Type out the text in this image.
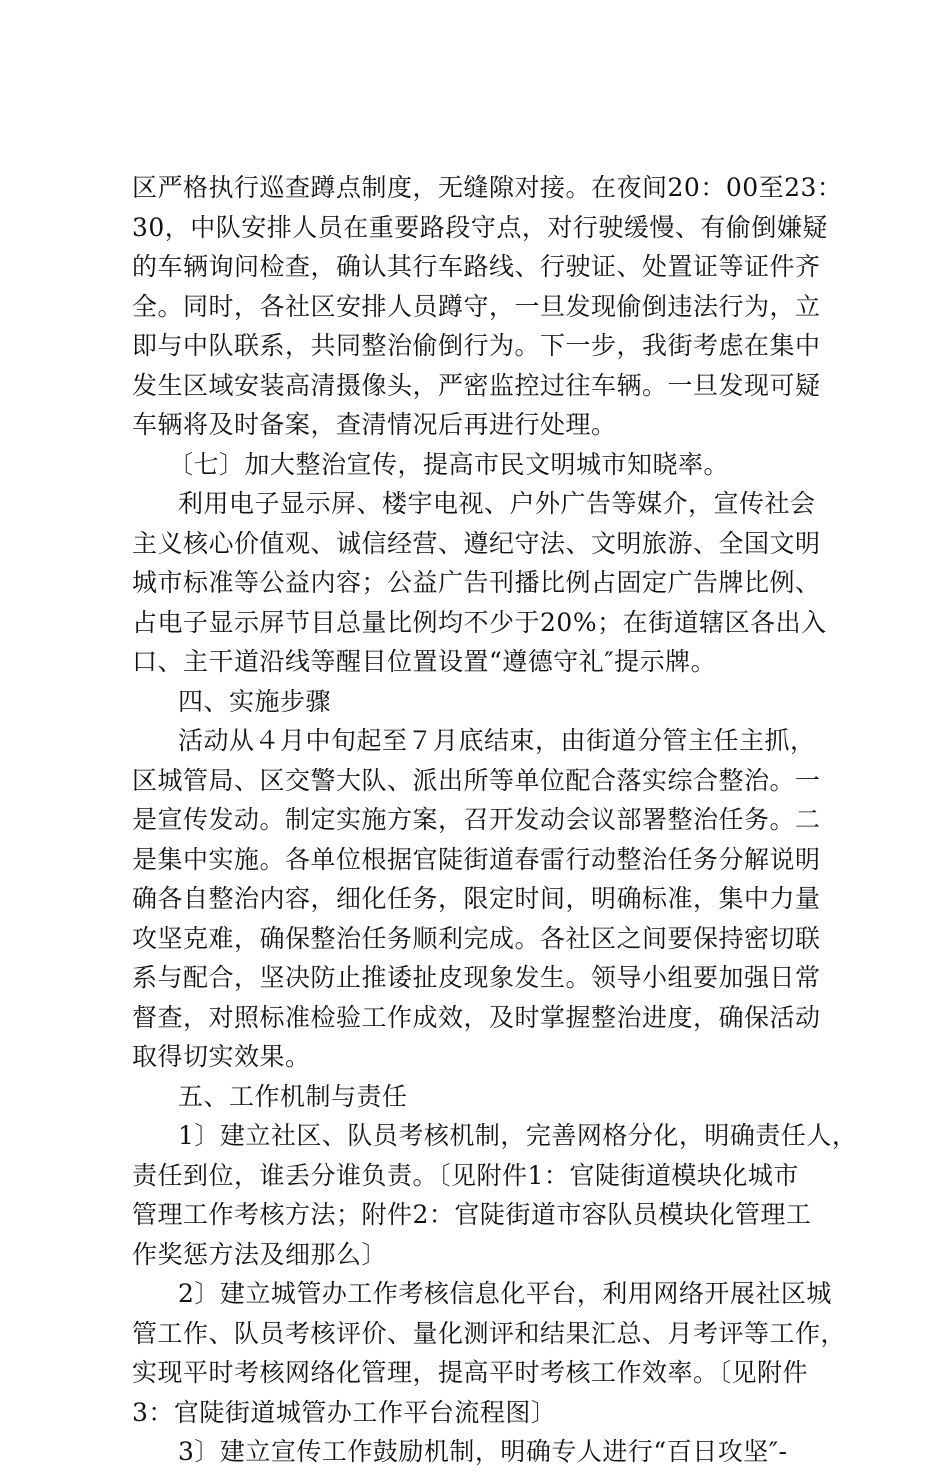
区严格执行巡查蹲点制度，无缝隙对接。在夜间20：00至23：
30，中队安排人员在重要路段守点，对行驶缓慢、有偷倒嫌疑
的车辆询问检查，确认其行车路线、行驶证、处置证等证件齐
全。同时，各社区安排人员蹲守，一旦发现偷倒违法行为，立
即与中队联系，共同整治偷倒行为。下一步，我街考虑在集中
发生区域安装高清摄像头，严密监控过往车辆。一旦发现可疑
车辆将及时备案，查清情况后再进行处理。
〔七〕加大整治宣传，提高市民文明城市知晓率。
利用电子显示屏、楼宇电视、户外广告等媒介，宣传社会
主义核心价值观、诚信经营、遵纪守法、文明旅游、全国文明
城市标准等公益内容；公益广告刊播比例占固定广告牌比例、
占电子显示屏节目总量比例均不少于20%；在街道辖区各出入
口、主干道沿线等醒目位置设置“遵德守礼″提示牌。
四、实施步骤
活动从４月中旬起至７月底结束，由街道分管主任主抓，
区城管局、区交警大队、派出所等单位配合落实综合整治。一
是宣传发动。制定实施方案，召开发动会议部署整治任务。二
是集中实施。各单位根据官陡街道春雷行动整治任务分解说明
确各自整治内容，细化任务，限定时间，明确标准，集中力量
攻坚克难，确保整治任务顺利完成。各社区之间要保持密切联
系与配合，坚决防止推诿扯皮现象发生。领导小组要加强日常
督查，对照标准检验工作成效，及时掌握整治进度，确保活动
取得切实效果。
五、工作机制与责任
1〕建立社区、队员考核机制，完善网格分化，明确责任人，
责任到位，谁丢分谁负责。〔见附件1：官陡街道模块化城市
管理工作考核方法；附件2：官陡街道市容队员模块化管理工
作奖惩方法及细那么〕
2〕建立城管办工作考核信息化平台，利用网络开展社区城
管工作、队员考核评价、量化测评和结果汇总、月考评等工作，
实现平时考核网络化管理，提高平时考核工作效率。〔见附件
3：官陡街道城管办工作平台流程图〕
3〕建立宣传工作鼓励机制，明确专人进行“百日攻坚″-
